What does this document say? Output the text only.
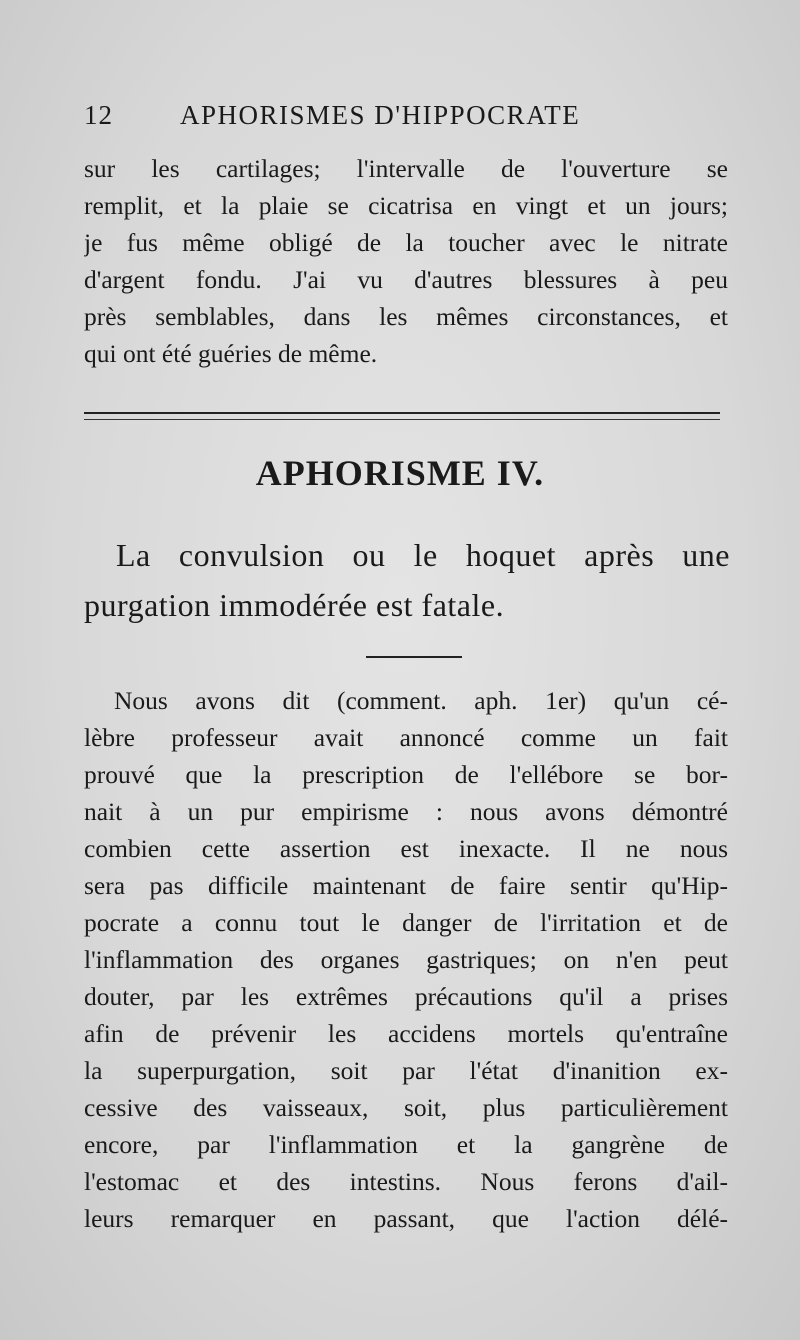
12 APHORISMES D'HIPPOCRATE
sur les cartilages; l'intervalle de l'ouverture se
remplit, et la plaie se cicatrisa en vingt et un jours;
je fus même obligé de la toucher avec le nitrate
d'argent fondu. J'ai vu d'autres blessures à peu
près semblables, dans les mêmes circonstances, et
qui ont été guéries de même.
APHORISME IV.
La convulsion ou le hoquet après une
purgation immodérée est fatale.
Nous avons dit (comment. aph. 1er) qu'un cé-
lèbre professeur avait annoncé comme un fait
prouvé que la prescription de l'ellébore se bor-
nait à un pur empirisme : nous avons démontré
combien cette assertion est inexacte. Il ne nous
sera pas difficile maintenant de faire sentir qu'Hip-
pocrate a connu tout le danger de l'irritation et de
l'inflammation des organes gastriques; on n'en peut
douter, par les extrêmes précautions qu'il a prises
afin de prévenir les accidens mortels qu'entraîne
la superpurgation, soit par l'état d'inanition ex-
cessive des vaisseaux, soit, plus particulièrement
encore, par l'inflammation et la gangrène de
l'estomac et des intestins. Nous ferons d'ail-
leurs remarquer en passant, que l'action délé-
